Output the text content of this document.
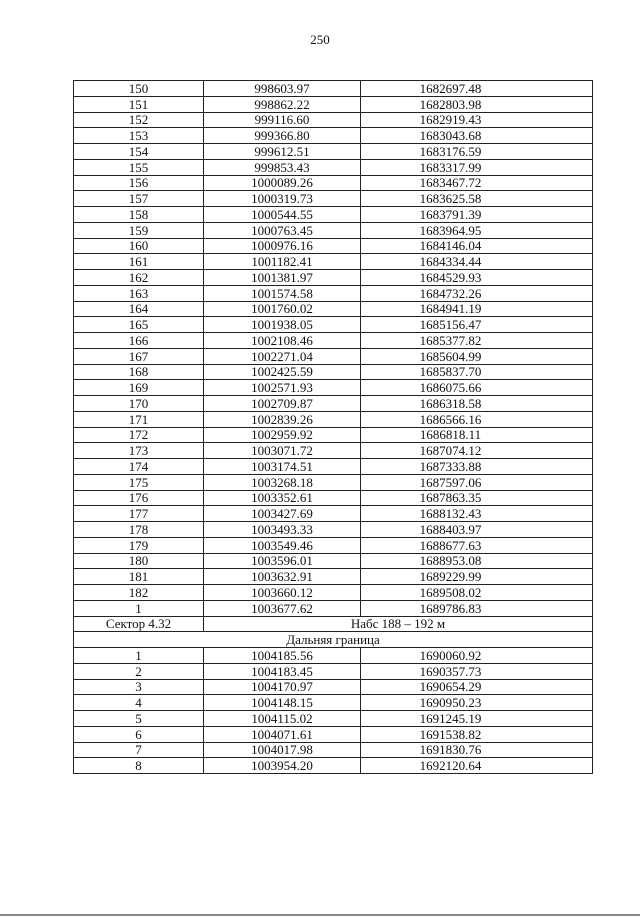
250
150	998603.97	1682697.48
151	998862.22	1682803.98
152	999116.60	1682919.43
153	999366.80	1683043.68
154	999612.51	1683176.59
155	999853.43	1683317.99
156	1000089.26	1683467.72
157	1000319.73	1683625.58
158	1000544.55	1683791.39
159	1000763.45	1683964.95
160	1000976.16	1684146.04
161	1001182.41	1684334.44
162	1001381.97	1684529.93
163	1001574.58	1684732.26
164	1001760.02	1684941.19
165	1001938.05	1685156.47
166	1002108.46	1685377.82
167	1002271.04	1685604.99
168	1002425.59	1685837.70
169	1002571.93	1686075.66
170	1002709.87	1686318.58
171	1002839.26	1686566.16
172	1002959.92	1686818.11
173	1003071.72	1687074.12
174	1003174.51	1687333.88
175	1003268.18	1687597.06
176	1003352.61	1687863.35
177	1003427.69	1688132.43
178	1003493.33	1688403.97
179	1003549.46	1688677.63
180	1003596.01	1688953.08
181	1003632.91	1689229.99
182	1003660.12	1689508.02
1	1003677.62	1689786.83
Сектор 4.32	Набс 188 – 192 м	
Дальняя граница		
1	1004185.56	1690060.92
2	1004183.45	1690357.73
3	1004170.97	1690654.29
4	1004148.15	1690950.23
5	1004115.02	1691245.19
6	1004071.61	1691538.82
7	1004017.98	1691830.76
8	1003954.20	1692120.64
